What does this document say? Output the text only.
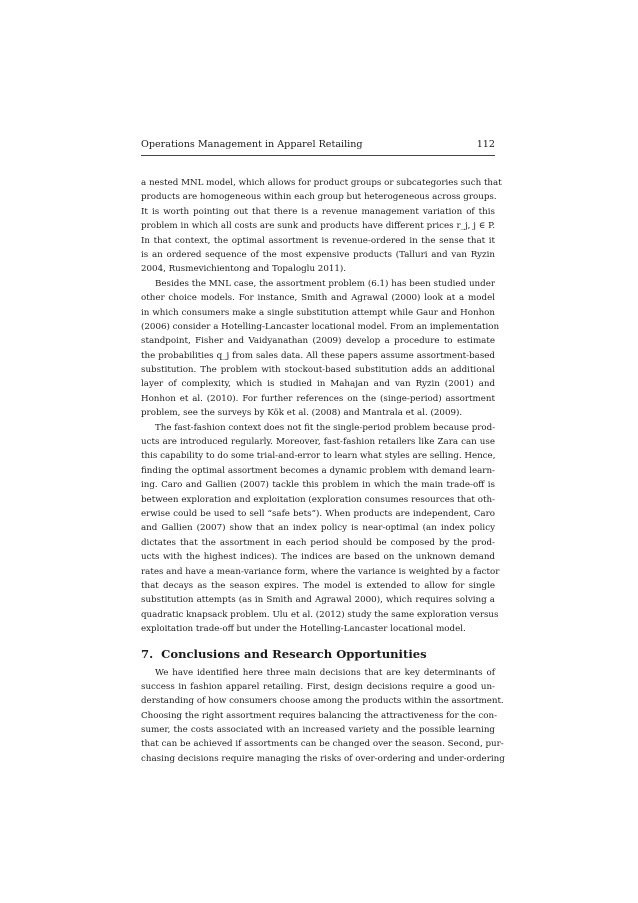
Operations Management in Apparel Retailing	112
a nested MNL model, which allows for product groups or subcategories such that
products are homogeneous within each group but heterogeneous across groups.
It is worth pointing out that there is a revenue management variation of this
problem in which all costs are sunk and products have different prices r_j, j ∈ P.
In that context, the optimal assortment is revenue-ordered in the sense that it
is an ordered sequence of the most expensive products (Talluri and van Ryzin
2004, Rusmevichientong and Topaloglu 2011).
Besides the MNL case, the assortment problem (6.1) has been studied under
other choice models. For instance, Smith and Agrawal (2000) look at a model
in which consumers make a single substitution attempt while Gaur and Honhon
(2006) consider a Hotelling-Lancaster locational model. From an implementation
standpoint, Fisher and Vaidyanathan (2009) develop a procedure to estimate
the probabilities q_j from sales data. All these papers assume assortment-based
substitution. The problem with stockout-based substitution adds an additional
layer of complexity, which is studied in Mahajan and van Ryzin (2001) and
Honhon et al. (2010). For further references on the (singe-period) assortment
problem, see the surveys by Kök et al. (2008) and Mantrala et al. (2009).
The fast-fashion context does not fit the single-period problem because prod-
ucts are introduced regularly. Moreover, fast-fashion retailers like Zara can use
this capability to do some trial-and-error to learn what styles are selling. Hence,
finding the optimal assortment becomes a dynamic problem with demand learn-
ing. Caro and Gallien (2007) tackle this problem in which the main trade-off is
between exploration and exploitation (exploration consumes resources that oth-
erwise could be used to sell “safe bets”). When products are independent, Caro
and Gallien (2007) show that an index policy is near-optimal (an index policy
dictates that the assortment in each period should be composed by the prod-
ucts with the highest indices). The indices are based on the unknown demand
rates and have a mean-variance form, where the variance is weighted by a factor
that decays as the season expires. The model is extended to allow for single
substitution attempts (as in Smith and Agrawal 2000), which requires solving a
quadratic knapsack problem. Ulu et al. (2012) study the same exploration versus
exploitation trade-off but under the Hotelling-Lancaster locational model.
7. Conclusions and Research Opportunities
We have identified here three main decisions that are key determinants of
success in fashion apparel retailing. First, design decisions require a good un-
derstanding of how consumers choose among the products within the assortment.
Choosing the right assortment requires balancing the attractiveness for the con-
sumer, the costs associated with an increased variety and the possible learning
that can be achieved if assortments can be changed over the season. Second, pur-
chasing decisions require managing the risks of over-ordering and under-ordering
